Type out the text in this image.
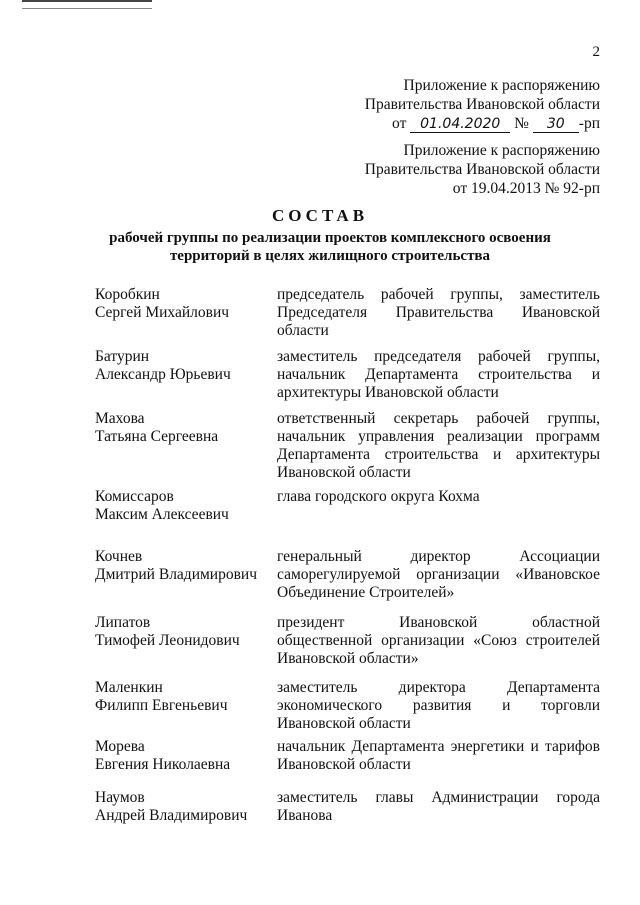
2
Приложение к распоряжению
Правительства Ивановской области
от 01.04.2020 № 30 -рп
Приложение к распоряжению
Правительства Ивановской области
от 19.04.2013 № 92-рп
СОСТАВ
рабочей группы по реализации проектов комплексного освоения
территорий в целях жилищного строительства
Коробкин
Сергей Михайлович
председатель рабочей группы, заместитель
Председателя Правительства Ивановской
области
Батурин
Александр Юрьевич
заместитель председателя рабочей группы,
начальник Департамента строительства и
архитектуры Ивановской области
Махова
Татьяна Сергеевна
ответственный секретарь рабочей группы,
начальник управления реализации программ
Департамента строительства и архитектуры
Ивановской области
Комиссаров
Максим Алексеевич
глава городского округа Кохма
Кочнев
Дмитрий Владимирович
генеральный директор Ассоциации
саморегулируемой организации «Ивановское
Объединение Строителей»
Липатов
Тимофей Леонидович
президент Ивановской областной
общественной организации «Союз строителей
Ивановской области»
Маленкин
Филипп Евгеньевич
заместитель директора Департамента
экономического развития и торговли
Ивановской области
Морева
Евгения Николаевна
начальник Департамента энергетики и тарифов
Ивановской области
Наумов
Андрей Владимирович
заместитель главы Администрации города
Иванова
